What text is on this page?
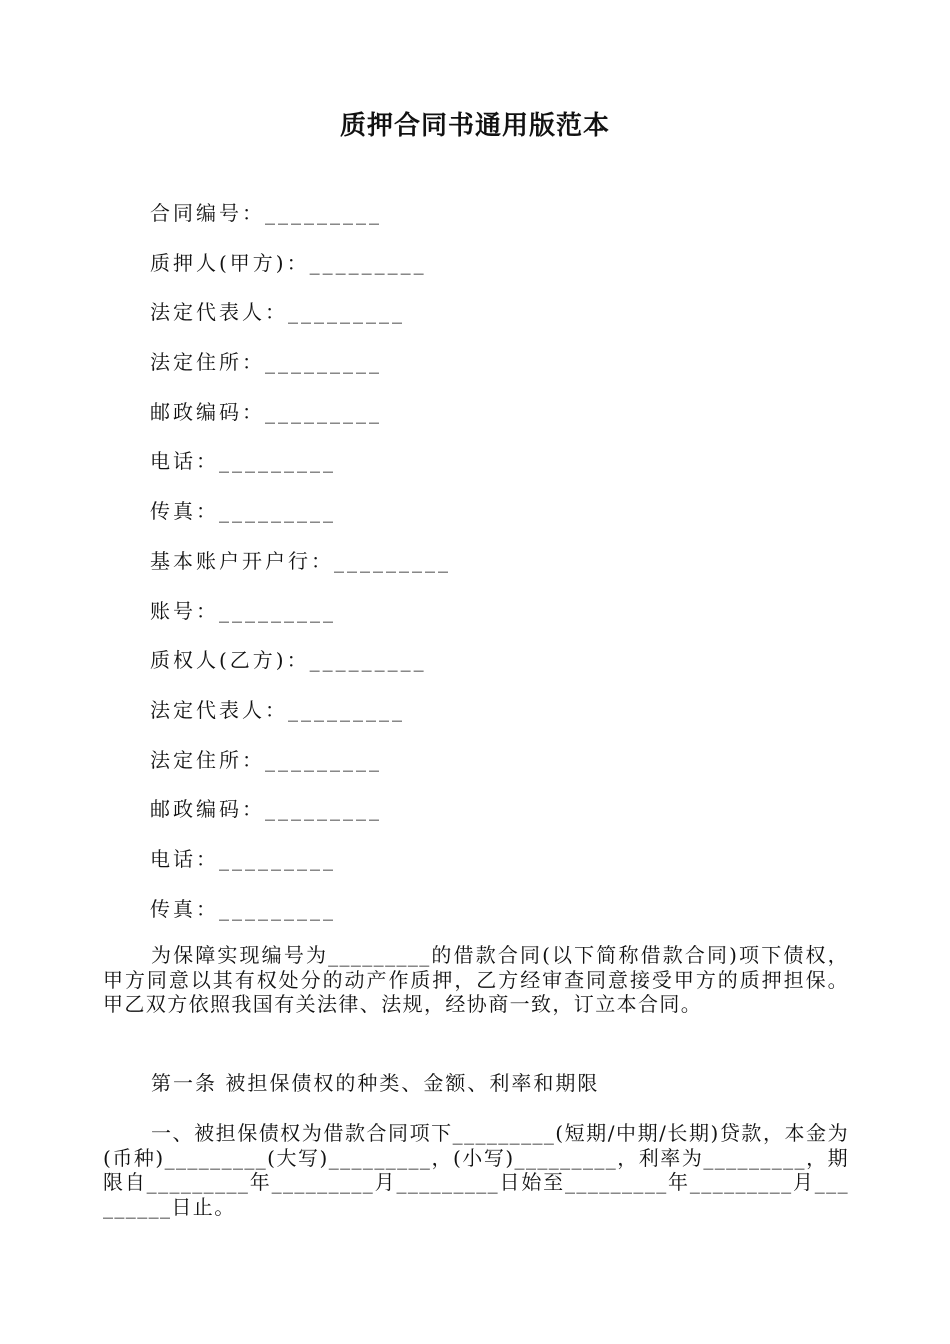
质押合同书通用版范本
合同编号：_________
质押人(甲方)：_________
法定代表人：_________
法定住所：_________
邮政编码：_________
电话：_________
传真：_________
基本账户开户行：_________
账号：_________
质权人(乙方)：_________
法定代表人：_________
法定住所：_________
邮政编码：_________
电话：_________
传真：_________
为保障实现编号为_________的借款合同(以下简称借款合同)项下债权，甲方同意以其有权处分的动产作质押，乙方经审查同意接受甲方的质押担保。甲乙双方依照我国有关法律、法规，经协商一致，订立本合同。
第一条 被担保债权的种类、金额、利率和期限
一、被担保债权为借款合同项下_________(短期/中期/长期)贷款，本金为(币种)_________(大写)_________，(小写)_________，利率为_________，期限自_________年_________月_________日始至_________年_________月_________日止。
